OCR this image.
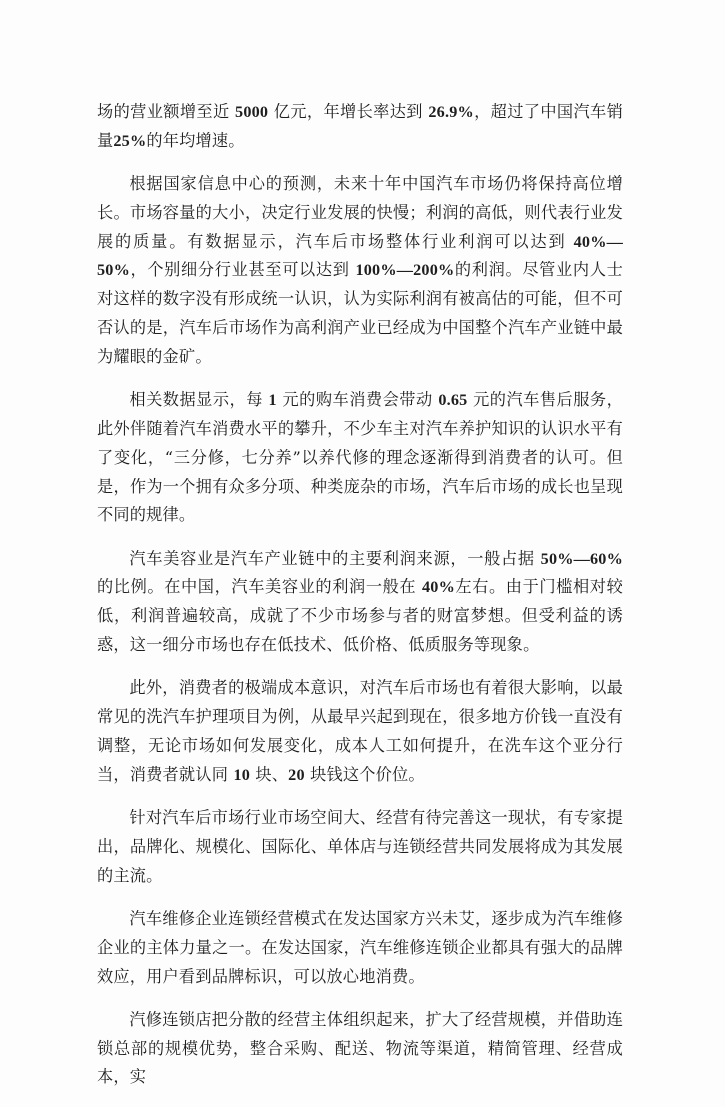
场的营业额增至近 5000 亿元，年增长率达到 26.9%，超过了中国汽车销量25%的年均增速。

根据国家信息中心的预测，未来十年中国汽车市场仍将保持高位增长。市场容量的大小，决定行业发展的快慢；利润的高低，则代表行业发展的质量。有数据显示，汽车后市场整体行业利润可以达到 40%—50%，个别细分行业甚至可以达到 100%—200%的利润。尽管业内人士对这样的数字没有形成统一认识，认为实际利润有被高估的可能，但不可否认的是，汽车后市场作为高利润产业已经成为中国整个汽车产业链中最为耀眼的金矿。

相关数据显示，每 1 元的购车消费会带动 0.65 元的汽车售后服务，此外伴随着汽车消费水平的攀升，不少车主对汽车养护知识的认识水平有了变化，“三分修，七分养”以养代修的理念逐渐得到消费者的认可。但是，作为一个拥有众多分项、种类庞杂的市场，汽车后市场的成长也呈现不同的规律。

汽车美容业是汽车产业链中的主要利润来源，一般占据 50%—60%的比例。在中国，汽车美容业的利润一般在 40%左右。由于门槛相对较低，利润普遍较高，成就了不少市场参与者的财富梦想。但受利益的诱惑，这一细分市场也存在低技术、低价格、低质服务等现象。

此外，消费者的极端成本意识，对汽车后市场也有着很大影响，以最常见的洗汽车护理项目为例，从最早兴起到现在，很多地方价钱一直没有调整，无论市场如何发展变化，成本人工如何提升，在洗车这个亚分行当，消费者就认同 10 块、20 块钱这个价位。

针对汽车后市场行业市场空间大、经营有待完善这一现状，有专家提出，品牌化、规模化、国际化、单体店与连锁经营共同发展将成为其发展的主流。

汽车维修企业连锁经营模式在发达国家方兴未艾，逐步成为汽车维修企业的主体力量之一。在发达国家，汽车维修连锁企业都具有强大的品牌效应，用户看到品牌标识，可以放心地消费。

汽修连锁店把分散的经营主体组织起来，扩大了经营规模，并借助连锁总部的规模优势，整合采购、配送、物流等渠道，精简管理、经营成本，实
